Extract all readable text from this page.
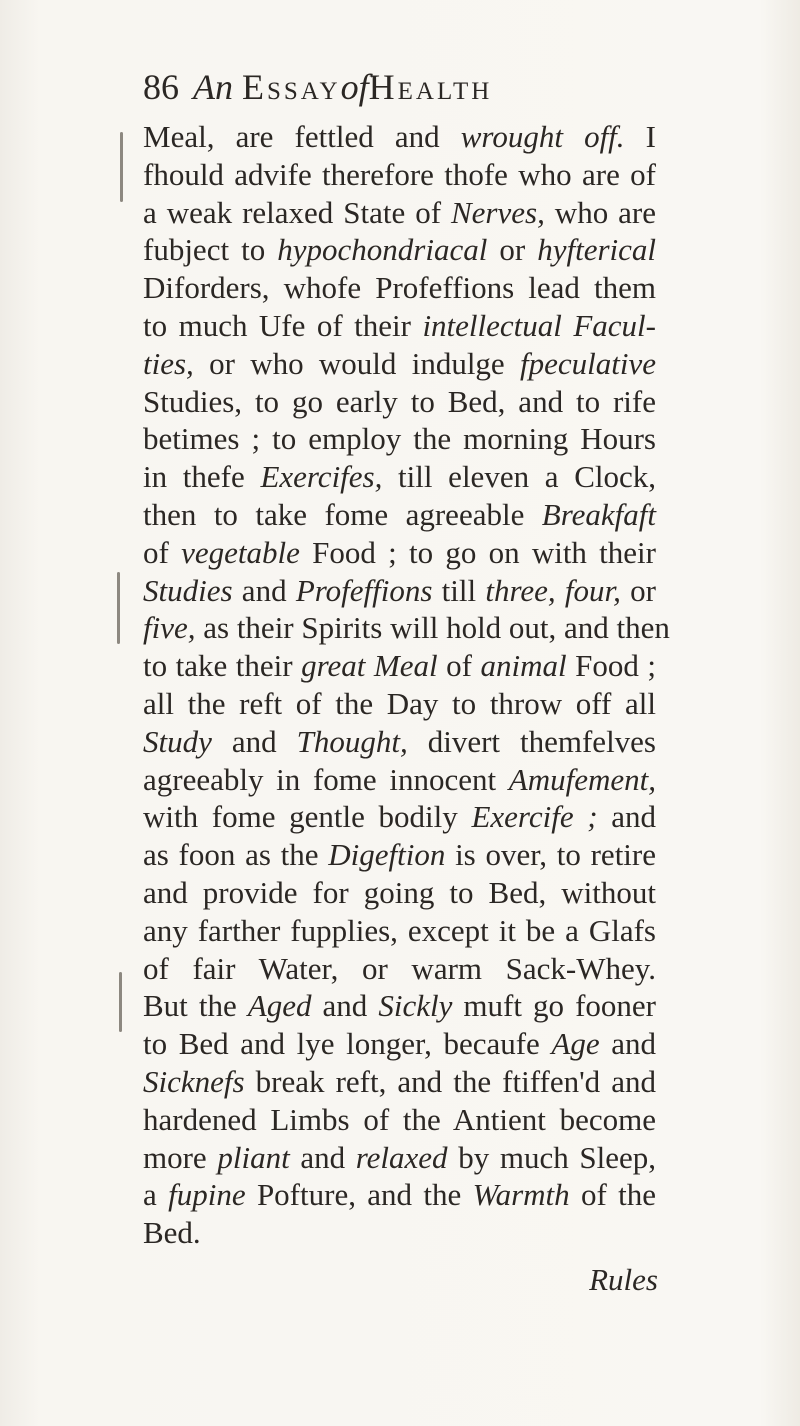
86 An EssayofHealth
Meal, are fettled and wrought off. I
fhould advife therefore thofe who are of
a weak relaxed State of Nerves, who are
fubject to hypochondriacal or hyfterical
Diforders, whofe Profeffions lead them
to much Ufe of their intellectual Facul-
ties, or who would indulge fpeculative
Studies, to go early to Bed, and to rife
betimes ; to employ the morning Hours
in thefe Exercifes, till eleven a Clock,
then to take fome agreeable Breakfaft
of vegetable Food ; to go on with their
Studies and Profeffions till three, four, or
five, as their Spirits will hold out, and then
to take their great Meal of animal Food ;
all the reft of the Day to throw off all
Study and Thought, divert themfelves
agreeably in fome innocent Amufement,
with fome gentle bodily Exercife ; and
as foon as the Digeftion is over, to retire
and provide for going to Bed, without
any farther fupplies, except it be a Glafs
of fair Water, or warm Sack-Whey.
But the Aged and Sickly muft go fooner
to Bed and lye longer, becaufe Age and
Sicknefs break reft, and the ftiffen'd and
hardened Limbs of the Antient become
more pliant and relaxed by much Sleep,
a fupine Pofture, and the Warmth of the
Bed.
Rules
